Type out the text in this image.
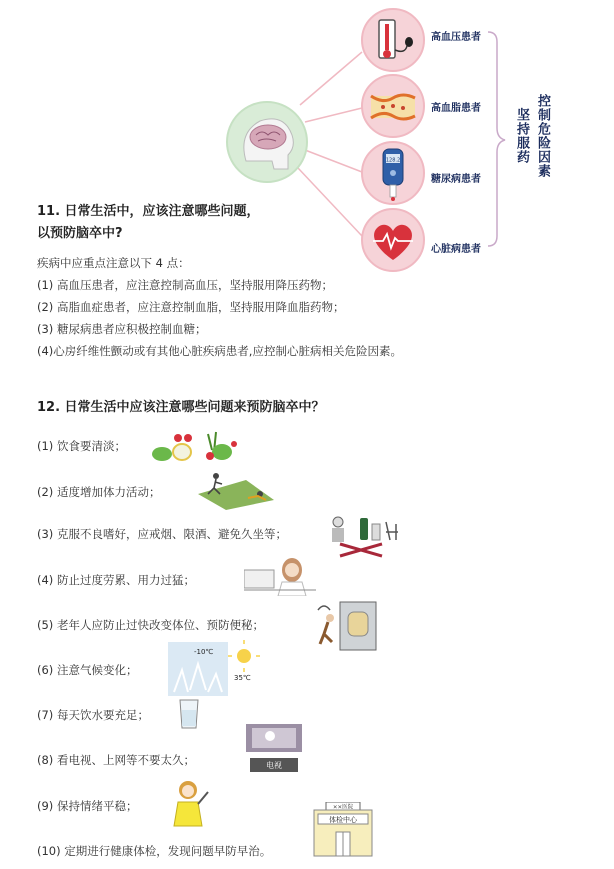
高血压患者
高血脂患者
128.2
糖尿病患者
心脏病患者
坚持服药 控制危险因素
11. 日常生活中，应该注意哪些问题，
以预防脑卒中?
疾病中应重点注意以下 4 点：
(1) 高血压患者，应注意控制高血压，坚持服用降压药物；
(2) 高脂血症患者，应注意控制血脂，坚持服用降血脂药物；
(3) 糖尿病患者应积极控制血糖；
(4)心房纤维性颤动或有其他心脏疾病患者,应控制心脏病相关危险因素。
12. 日常生活中应该注意哪些问题来预防脑卒中？
(1) 饮食要清淡；
(2) 适度增加体力活动；
(3) 克服不良嗜好，应戒烟、限酒、避免久坐等；
(4) 防止过度劳累、用力过猛；
(5) 老年人应防止过快改变体位、预防便秘；
(6) 注意气候变化；
(7) 每天饮水要充足；
(8) 看电视、上网等不要太久；
(9) 保持情绪平稳；
(10) 定期进行健康体检，发现问题早防早治。
-10℃
35℃
电视
××医院
体检中心
